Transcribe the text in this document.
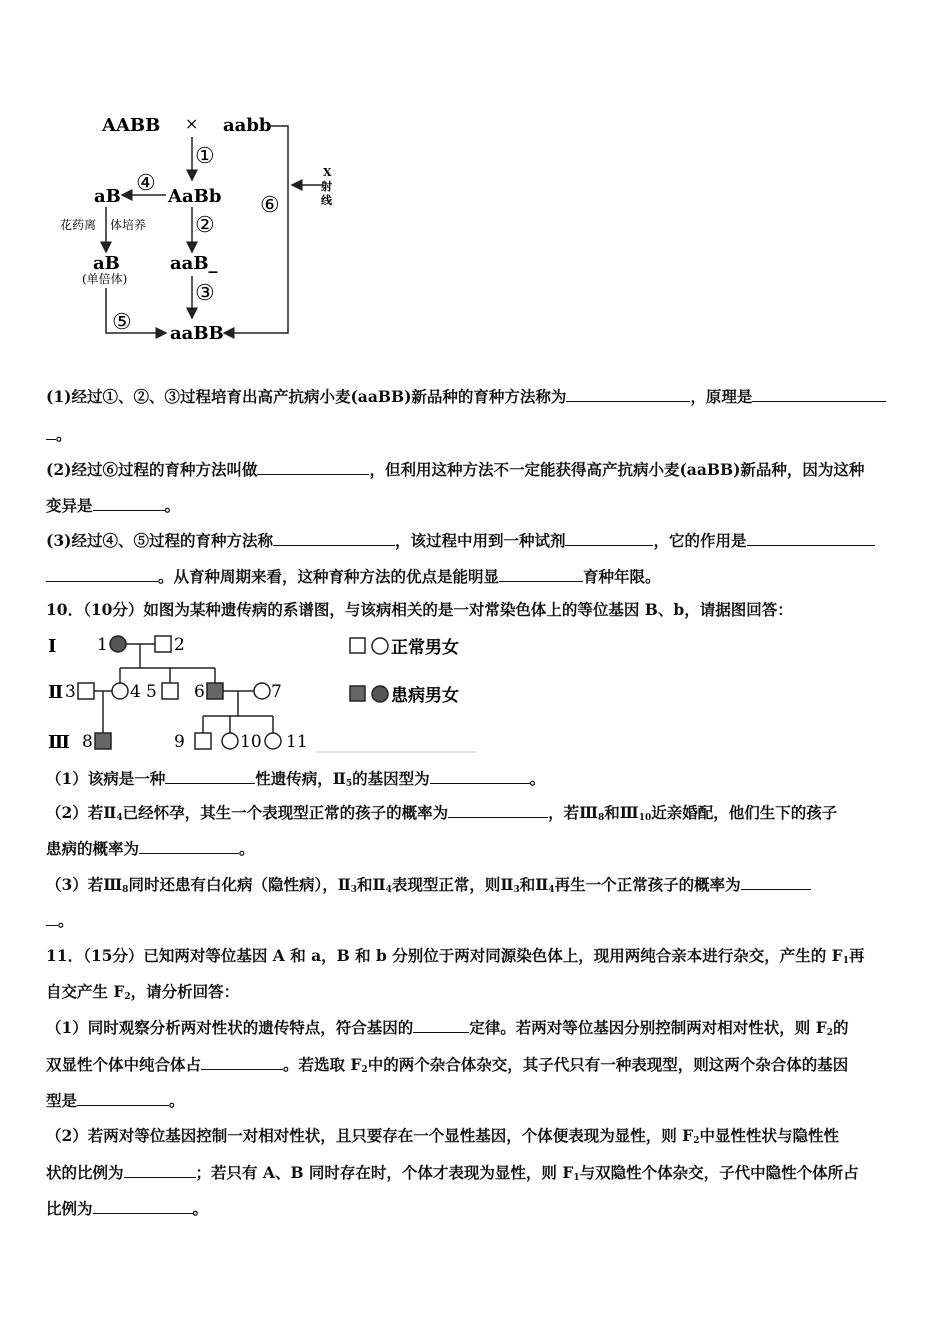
AABB × aabb
①
AaBb
④
aB
花药离 体培养 ②
aB
(单倍体)
aaB_
③
⑤ aaBB
⑥
X
射
线
(1)经过①、②、③过程培育出高产抗病小麦(aaBB)新品种的育种方法称为	，原理是
。
(2)经过⑥过程的育种方法叫做	，但利用这种方法不一定能获得高产抗病小麦(aaBB)新品种，因为这种
变异是	。
(3)经过④、⑤过程的育种方法称	，该过程中用到一种试剂	，它的作用是
。从育种周期来看，这种育种方法的优点是能明显	育种年限。
10．（10分）如图为某种遗传病的系谱图，与该病相关的是一对常染色体上的等位基因 B、b，请据图回答：
Ⅰ
Ⅱ
Ⅲ
1	2
3	4 5 6	7
8	9	10 11
正常男女
患病男女
（1）该病是一种	性遗传病，$Ⅱ_5$的基因型为	。
（2）若$Ⅱ_4$已经怀孕，其生一个表现型正常的孩子的概率为	，若$Ⅲ_8$和$Ⅲ_{10}$近亲婚配，他们生下的孩子
患病的概率为	。
（3）若$Ⅲ_8$同时还患有白化病（隐性病），$Ⅱ_3$和$Ⅱ_4$表现型正常，则$Ⅱ_3$和$Ⅱ_4$再生一个正常孩子的概率为
。
11．（15分）已知两对等位基因 A 和 a，B 和 b 分别位于两对同源染色体上，现用两纯合亲本进行杂交，产生的 $F_1$再
自交产生 $F_2$，请分析回答：
（1）同时观察分析两对性状的遗传特点，符合基因的	定律。若两对等位基因分别控制两对相对性状，则 $F_2$的
双显性个体中纯合体占	。若选取 $F_2$中的两个杂合体杂交，其子代只有一种表现型，则这两个杂合体的基因
型是	。
（2）若两对等位基因控制一对相对性状，且只要存在一个显性基因，个体便表现为显性，则 $F_2$中显性性状与隐性性
状的比例为	；若只有 A、B 同时存在时，个体才表现为显性，则 $F_1$与双隐性个体杂交，子代中隐性个体所占
比例为	。
